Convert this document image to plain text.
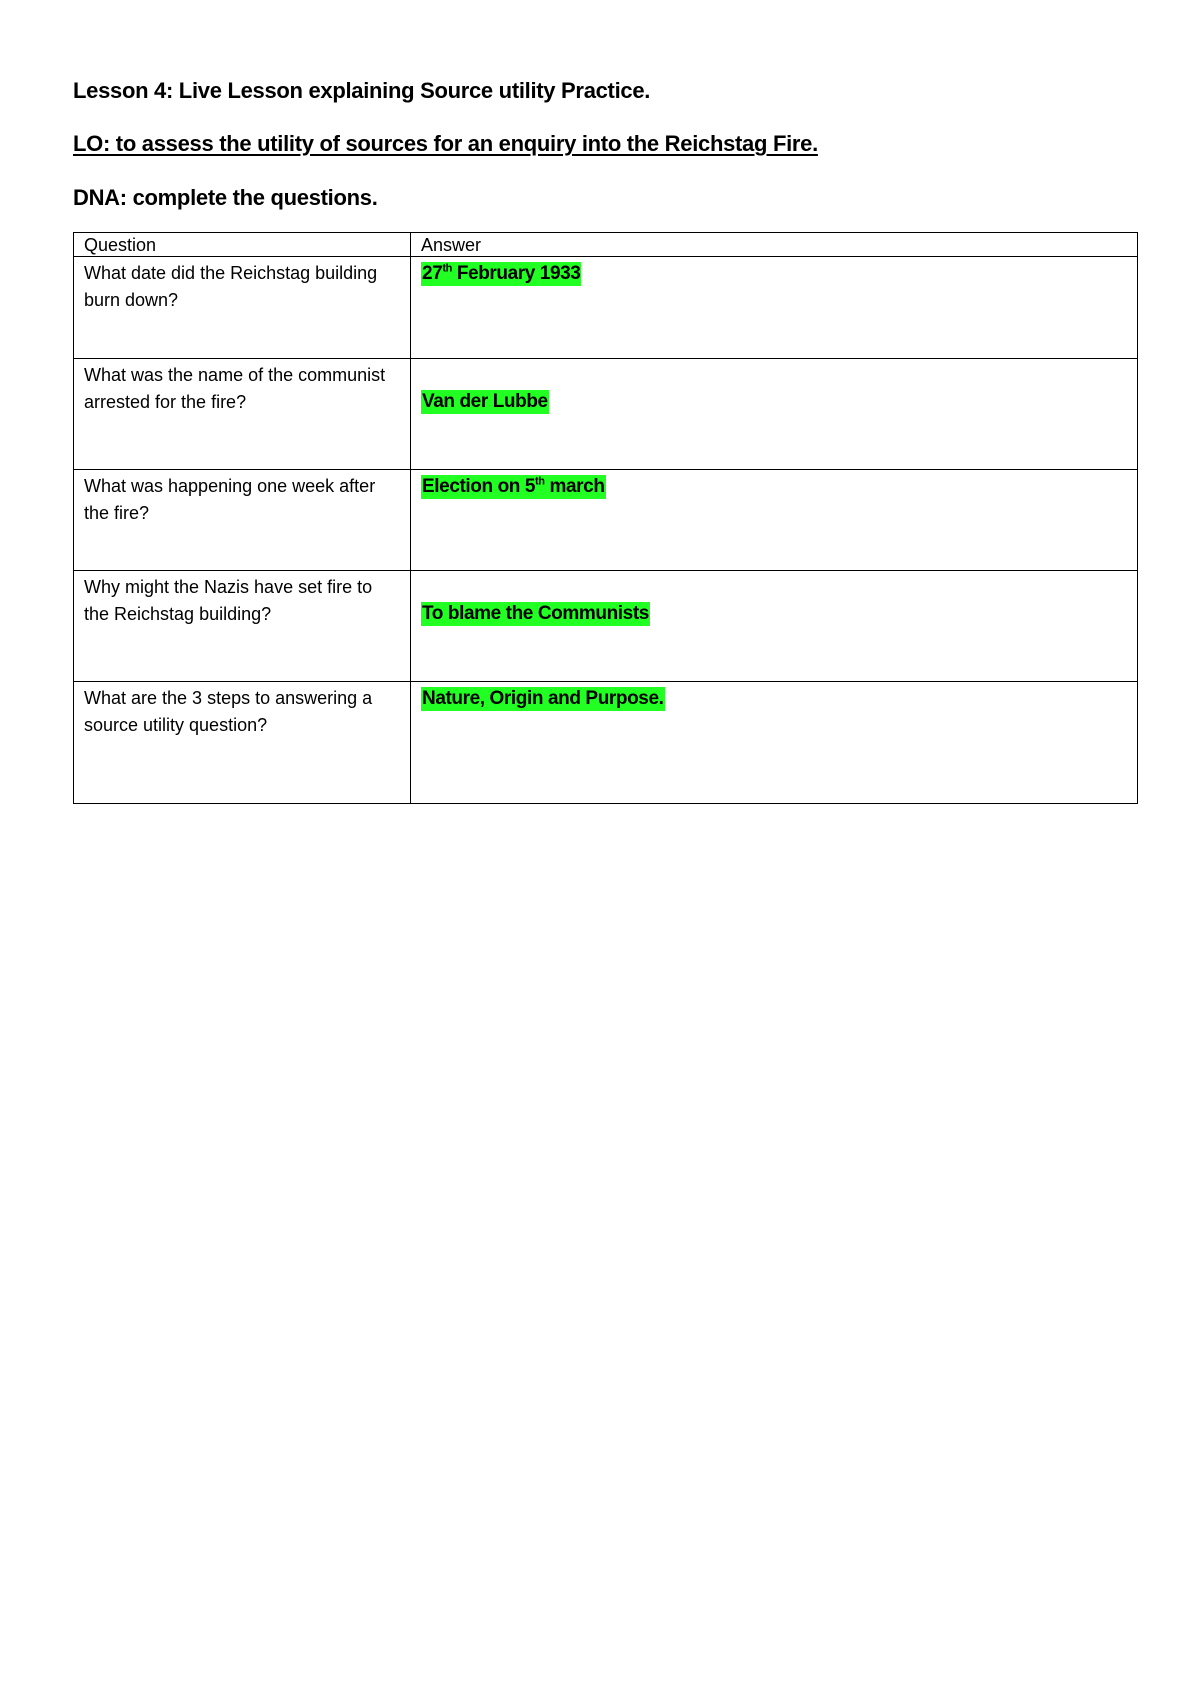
Lesson 4: Live Lesson explaining Source utility Practice.
LO: to assess the utility of sources for an enquiry into the Reichstag Fire.
DNA: complete the questions.
Question	Answer
What date did the Reichstag building burn down?	27th February 1933
What was the name of the communist arrested for the fire?	Van der Lubbe

What was happening one week after the fire?	Election on 5th march
Why might the Nazis have set fire to the Reichstag building?	To blame the Communists

What are the 3 steps to answering a source utility question?	Nature, Origin and Purpose.
